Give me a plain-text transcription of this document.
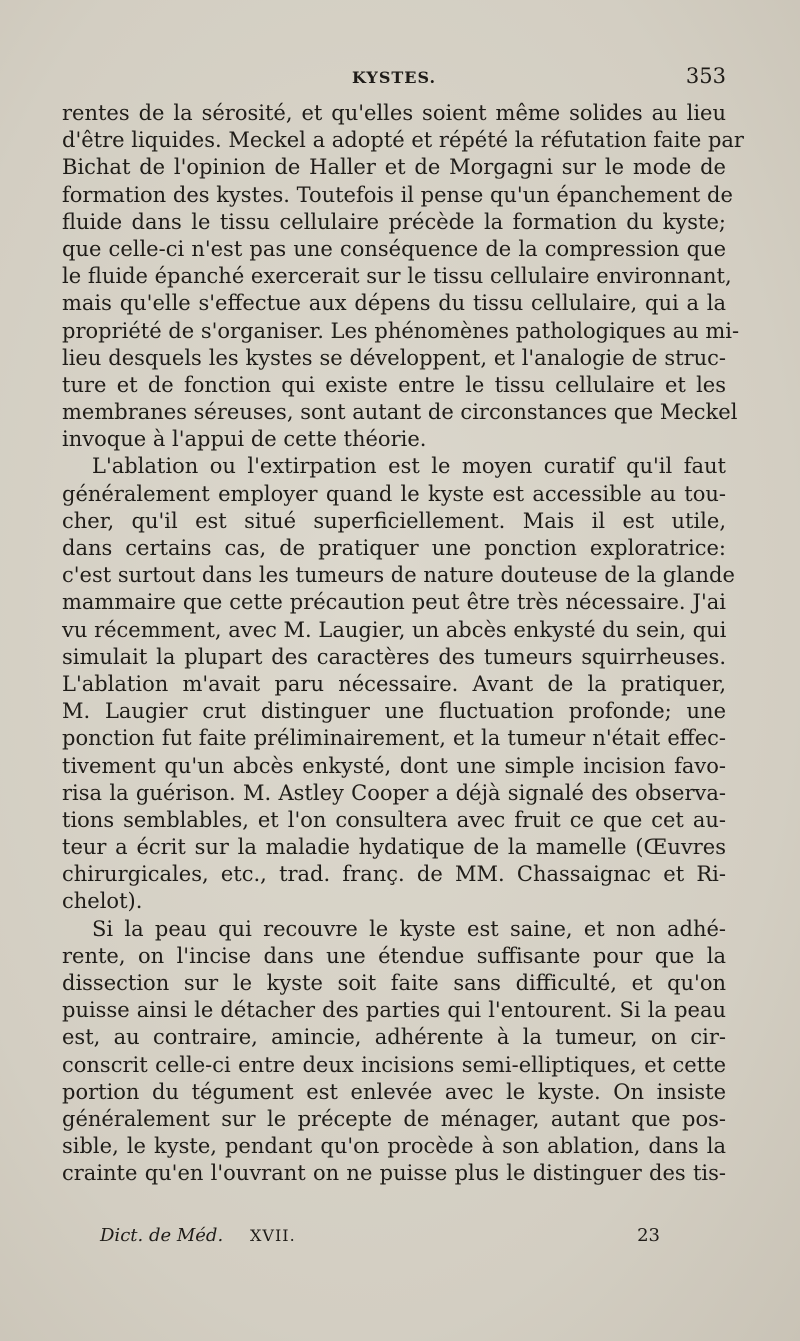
KYSTES.	353
rentes de la sérosité, et qu'elles soient même solides au lieu
d'être liquides. Meckel a adopté et répété la réfutation faite par
Bichat de l'opinion de Haller et de Morgagni sur le mode de
formation des kystes. Toutefois il pense qu'un épanchement de
fluide dans le tissu cellulaire précède la formation du kyste;
que celle-ci n'est pas une conséquence de la compression que
le fluide épanché exercerait sur le tissu cellulaire environnant,
mais qu'elle s'effectue aux dépens du tissu cellulaire, qui a la
propriété de s'organiser. Les phénomènes pathologiques au mi-
lieu desquels les kystes se développent, et l'analogie de struc-
ture et de fonction qui existe entre le tissu cellulaire et les
membranes séreuses, sont autant de circonstances que Meckel
invoque à l'appui de cette théorie.
L'ablation ou l'extirpation est le moyen curatif qu'il faut
généralement employer quand le kyste est accessible au tou-
cher, qu'il est situé superficiellement. Mais il est utile,
dans certains cas, de pratiquer une ponction exploratrice:
c'est surtout dans les tumeurs de nature douteuse de la glande
mammaire que cette précaution peut être très nécessaire. J'ai
vu récemment, avec M. Laugier, un abcès enkysté du sein, qui
simulait la plupart des caractères des tumeurs squirrheuses.
L'ablation m'avait paru nécessaire. Avant de la pratiquer,
M. Laugier crut distinguer une fluctuation profonde; une
ponction fut faite préliminairement, et la tumeur n'était effec-
tivement qu'un abcès enkysté, dont une simple incision favo-
risa la guérison. M. Astley Cooper a déjà signalé des observa-
tions semblables, et l'on consultera avec fruit ce que cet au-
teur a écrit sur la maladie hydatique de la mamelle (Œuvres
chirurgicales, etc., trad. franç. de MM. Chassaignac et Ri-
chelot).
Si la peau qui recouvre le kyste est saine, et non adhé-
rente, on l'incise dans une étendue suffisante pour que la
dissection sur le kyste soit faite sans difficulté, et qu'on
puisse ainsi le détacher des parties qui l'entourent. Si la peau
est, au contraire, amincie, adhérente à la tumeur, on cir-
conscrit celle-ci entre deux incisions semi-elliptiques, et cette
portion du tégument est enlevée avec le kyste. On insiste
généralement sur le précepte de ménager, autant que pos-
sible, le kyste, pendant qu'on procède à son ablation, dans la
crainte qu'en l'ouvrant on ne puisse plus le distinguer des tis-
Dict. de Méd. XVII.	23
